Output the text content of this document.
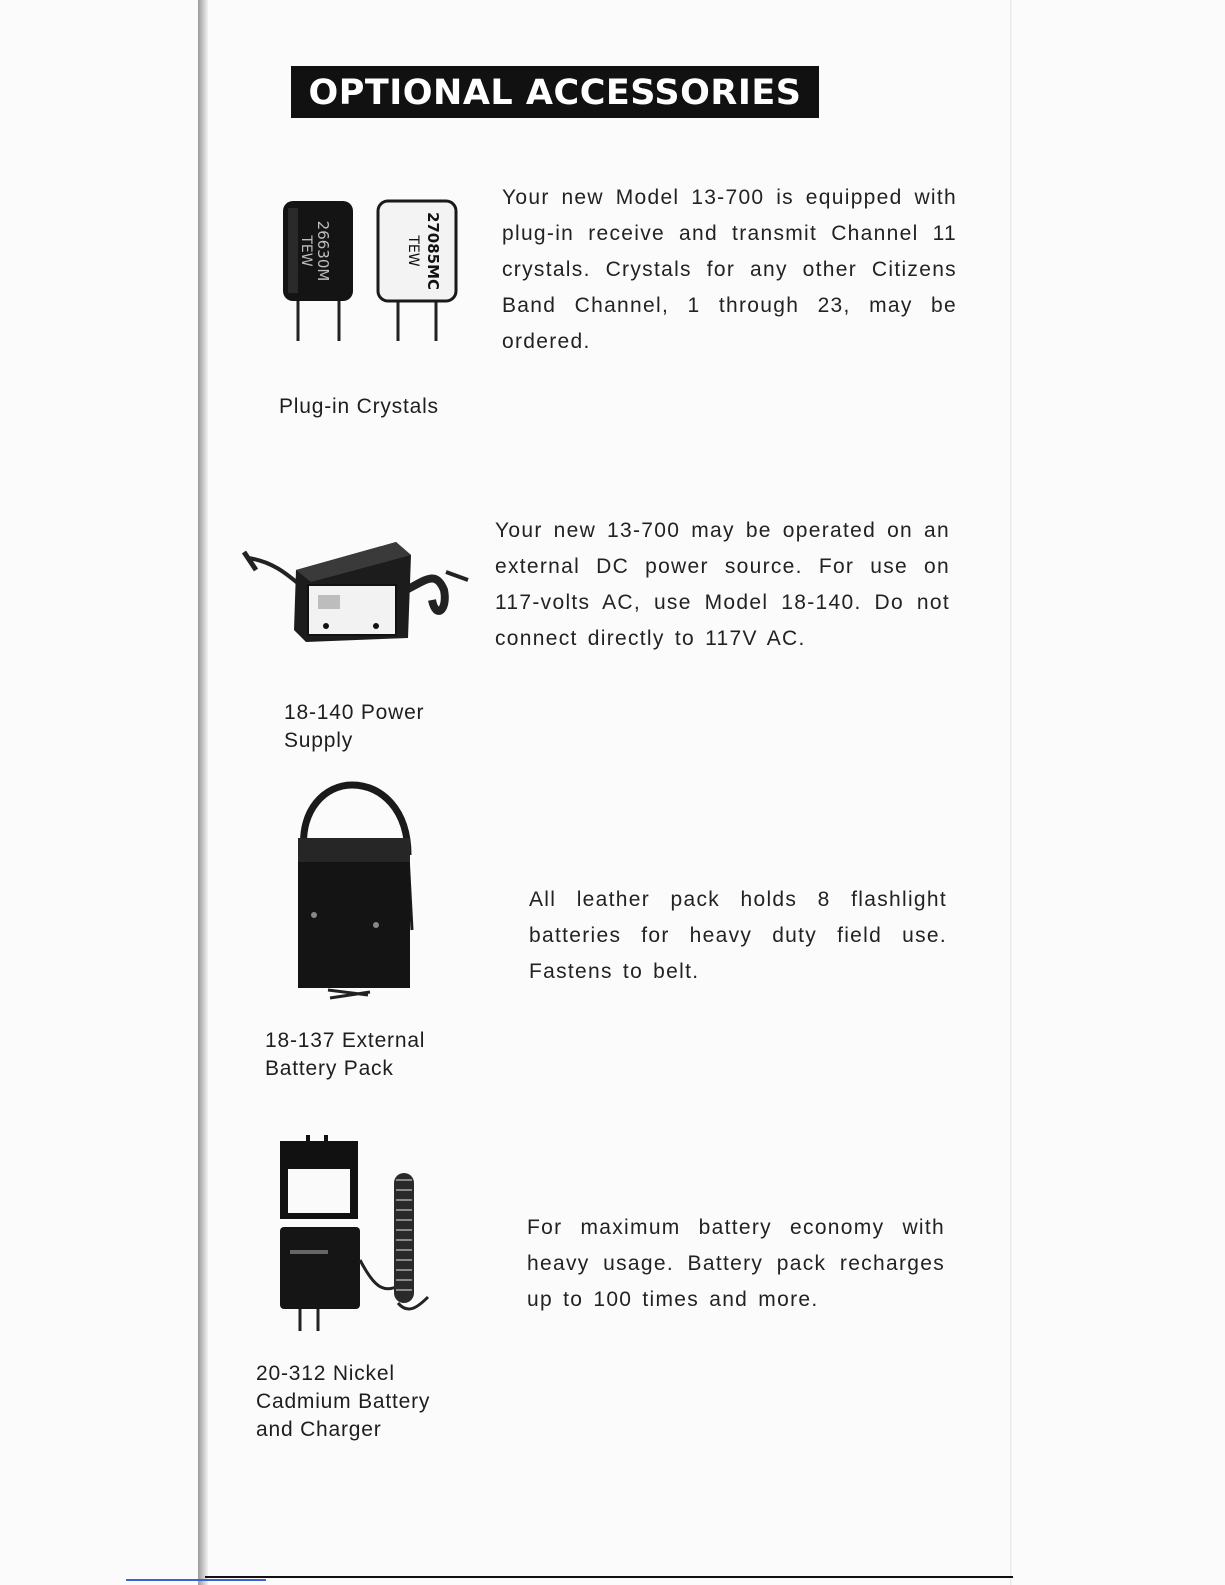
OPTIONAL ACCESSORIES
26630M
TEW	27085MC
TEW
Your new Model 13-700 is equipped with plug-in receive and transmit Channel 11 crystals. Crystals for any other Citizens Band Channel, 1 through 23, may be ordered.
Plug-in Crystals
Your new 13-700 may be operated on an external DC power source. For use on 117-volts AC, use Model 18-140. Do not connect directly to 117V AC.
18-140 Power
Supply
All leather pack holds 8 flashlight batteries for heavy duty field use. Fastens to belt.
18-137 External
Battery Pack
For maximum battery economy with heavy usage. Battery pack recharges up to 100 times and more.
20-312 Nickel
Cadmium Battery
and Charger
